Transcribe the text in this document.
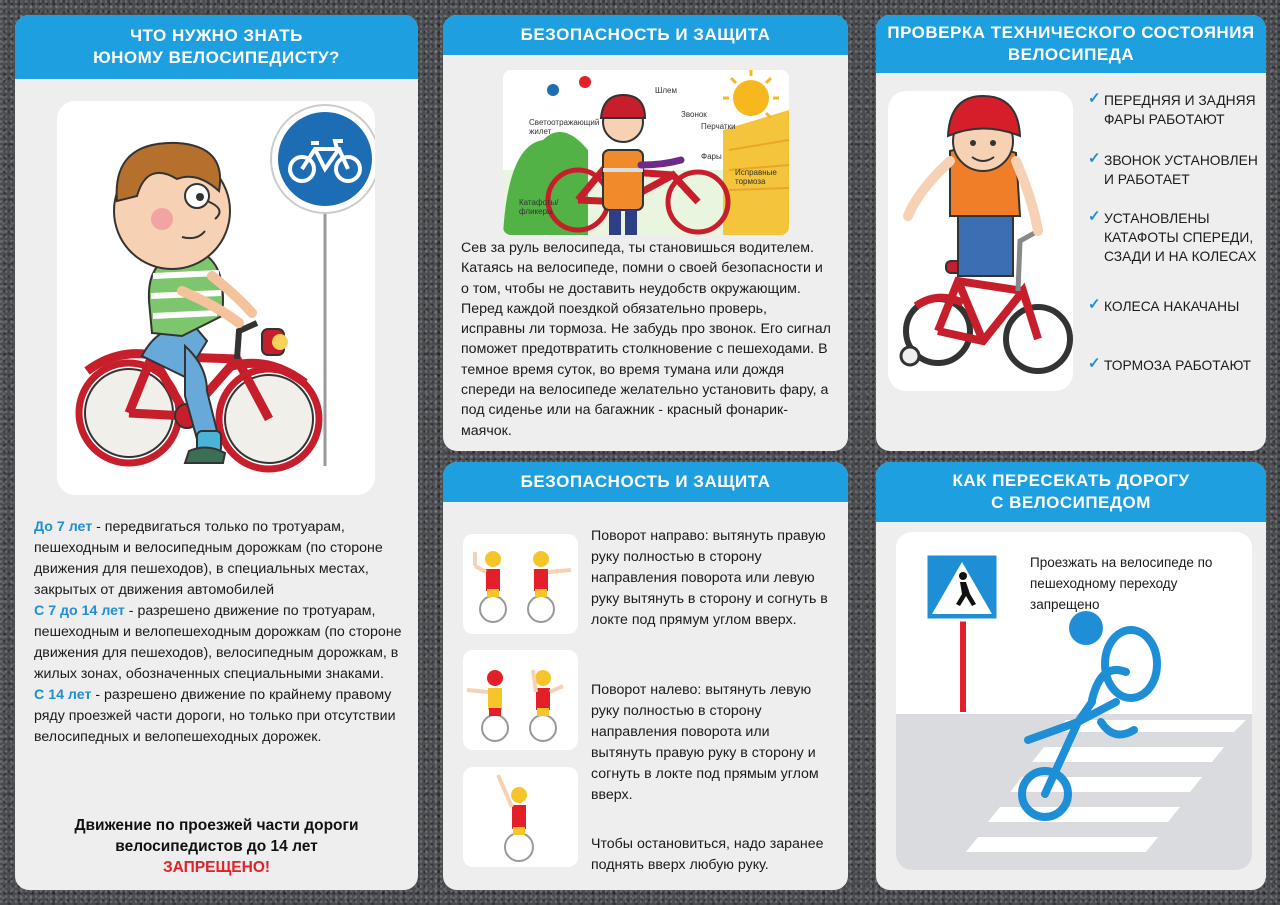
ЧТО НУЖНО ЗНАТЬ
ЮНОМУ ВЕЛОСИПЕДИСТУ?

До 7 лет - передвигаться только по тротуарам, пешеходным и велосипедным дорожкам (по стороне движения для пешеходов), в специальных местах, закрытых от движения автомобилей

С 7 до 14 лет - разрешено движение по тротуарам, пешеходным и велопешеходным дорожкам (по стороне движения для пешеходов), велосипедным дорожкам, в жилых зонах, обозначенных специальными знаками.

С 14 лет - разрешено движение по крайнему правому ряду проезжей части дороги, но только при отсутствии велосипедных и велопешеходных дорожек.

Движение по проезжей части дороги
велосипедистов до 14 лет
ЗАПРЕЩЕНО!
БЕЗОПАСНОСТЬ И ЗАЩИТА
Шлем
Светоотражающий жилет
Звонок
Перчатки
Фары
Исправные тормоза
Катафоты/ фликеры

Сев за руль велосипеда, ты становишься водителем. Катаясь на велосипеде, помни о своей безопасности и о том, чтобы не доставить неудобств окружающим. Перед каждой поездкой обязательно проверь, исправны ли тормоза. Не забудь про звонок. Его сигнал поможет предотвратить столкновение с пешеходами. В темное время суток, во время тумана или дождя спереди на велосипеде желательно установить фару, а под сиденье или на багажник - красный фонарик-маячок.

ПРОВЕРКА ТЕХНИЧЕСКОГО СОСТОЯНИЯ
ВЕЛОСИПЕДА
✓ ПЕРЕДНЯЯ И ЗАДНЯЯ ФАРЫ РАБОТАЮТ
✓ ЗВОНОК УСТАНОВЛЕН И РАБОТАЕТ
✓ УСТАНОВЛЕНЫ КАТАФОТЫ СПЕРЕДИ, СЗАДИ И НА КОЛЕСАХ
✓ КОЛЕСА НАКАЧАНЫ
✓ ТОРМОЗА РАБОТАЮТ
БЕЗОПАСНОСТЬ И ЗАЩИТА

Поворот направо: вытянуть правую руку полностью в сторону направления поворота или левую руку вытянуть в сторону и согнуть в локте под прямум углом вверх.

Поворот налево: вытянуть левую руку полностью в сторону направления поворота или вытянуть правую руку в сторону и согнуть в локте под прямым углом вверх.

Чтобы остановиться, надо заранее поднять вверх любую руку.

КАК ПЕРЕСЕКАТЬ ДОРОГУ
С ВЕЛОСИПЕДОМ

Проезжать на велосипеде по пешеходному переходу запрещено
